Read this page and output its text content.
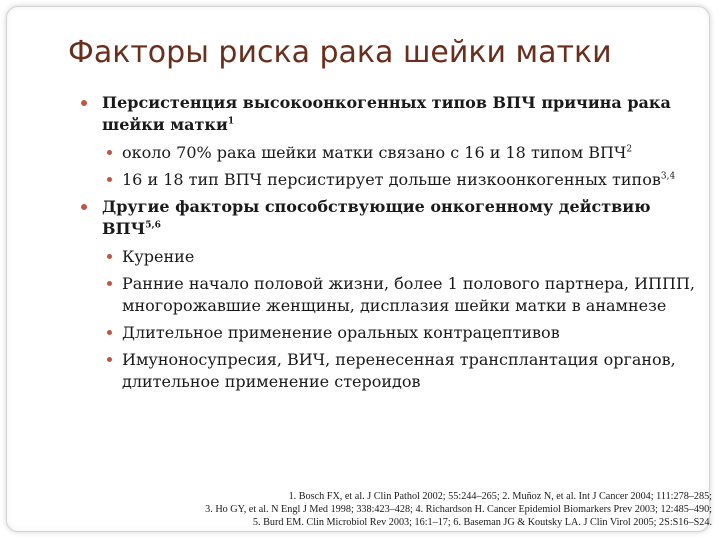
Факторы риска рака шейки матки
Персистенция высокоонкогенных типов ВПЧ причина рака шейки матки$^1$
около 70% рака шейки матки связано с 16 и 18 типом ВПЧ$^2$
16 и 18 тип ВПЧ персистирует дольше низкоонкогенных типов$^{3,4}$
Другие факторы способствующие онкогенному действию ВПЧ$^{5,6}$
Курение
Ранние начало половой жизни, более 1 полового партнера, ИППП, многорожавшие женщины, дисплазия шейки матки в анамнезе
Длительное применение оральных контрацептивов
Имуноносупресия, ВИЧ, перенесенная трансплантация органов, длительное применение стероидов
1. Bosch FX, et al. J Clin Pathol 2002; 55:244–265; 2. Muñoz N, et al. Int J Cancer 2004; 111:278–285;
3. Ho GY, et al. N Engl J Med 1998; 338:423–428; 4. Richardson H. Cancer Epidemiol Biomarkers Prev 2003; 12:485–490;
5. Burd EM. Clin Microbiol Rev 2003; 16:1–17; 6. Baseman JG & Koutsky LA. J Clin Virol 2005; 2S:S16–S24.
